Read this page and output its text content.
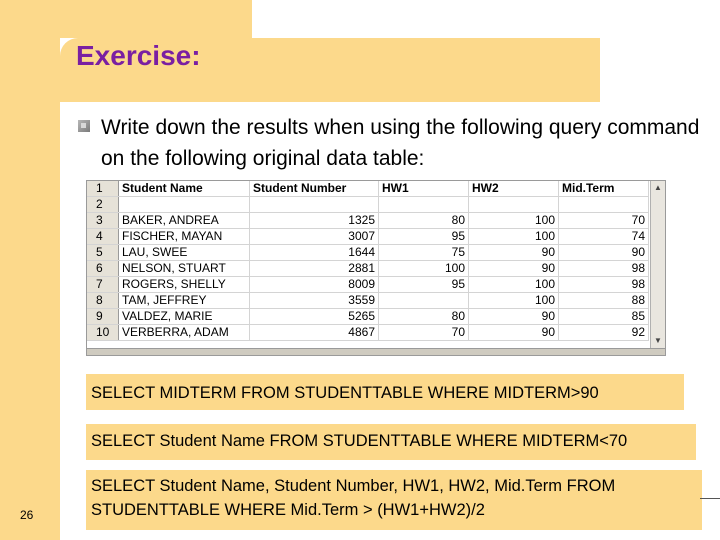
Exercise:
Write down the results when using the following query command on the following original data table:
1	Student Name	Student Number	HW1	HW2	Mid.Term
2					
3	BAKER, ANDREA	1325	80	100	70
4	FISCHER, MAYAN	3007	95	100	74
5	LAU, SWEE	1644	75	90	90
6	NELSON, STUART	2881	100	90	98
7	ROGERS, SHELLY	8009	95	100	98
8	TAM, JEFFREY	3559		100	88
9	VALDEZ, MARIE	5265	80	90	85
10	VERBERRA, ADAM	4867	70	90	92
▲
▼
SELECT MIDTERM FROM STUDENTTABLE WHERE MIDTERM>90
SELECT Student Name FROM STUDENTTABLE WHERE MIDTERM<70
SELECT Student Name, Student Number, HW1, HW2, Mid.Term FROM STUDENTTABLE WHERE Mid.Term > (HW1+HW2)/2
26
